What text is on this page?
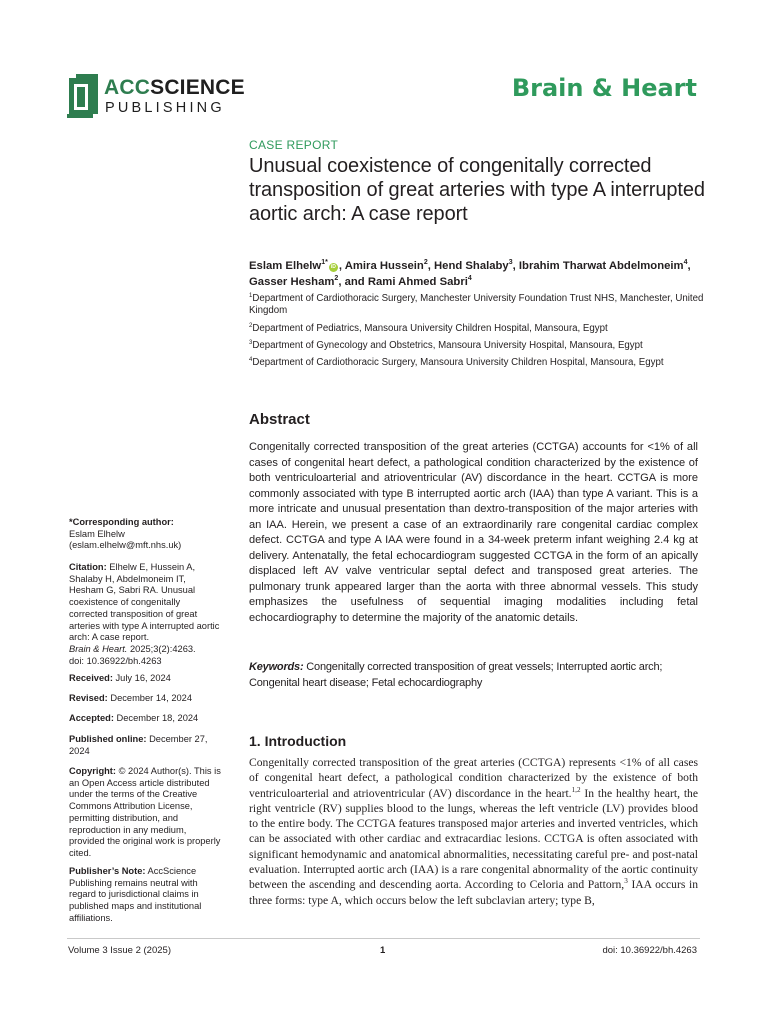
ACCSCIENCE
PUBLISHING
Brain & Heart
CASE REPORT
Unusual coexistence of congenitally corrected transposition of great arteries with type A interrupted aortic arch: A case report
Eslam Elhelw$^{1*}$iD , Amira Hussein$^2$, Hend Shalaby$^3$, Ibrahim Tharwat Abdelmoneim$^4$, Gasser Hesham$^2$, and Rami Ahmed Sabri$^4$

$^1$Department of Cardiothoracic Surgery, Manchester University Foundation Trust NHS, Manchester, United Kingdom

$^2$Department of Pediatrics, Mansoura University Children Hospital, Mansoura, Egypt

$^3$Department of Gynecology and Obstetrics, Mansoura University Hospital, Mansoura, Egypt

$^4$Department of Cardiothoracic Surgery, Mansoura University Children Hospital, Mansoura, Egypt

Abstract
Congenitally corrected transposition of the great arteries (CCTGA) accounts for <1% of all cases of congenital heart defect, a pathological condition characterized by the existence of both ventriculoarterial and atrioventricular (AV) discordance in the heart. CCTGA is more commonly associated with type B interrupted aortic arch (IAA) than type A variant. This is a more intricate and unusual presentation than dextro-transposition of the major arteries with an IAA. Herein, we present a case of an extraordinarily rare congenital cardiac complex defect. CCTGA and type A IAA were found in a 34-week preterm infant weighing 2.4 kg at delivery. Antenatally, the fetal echocardiogram suggested CCTGA in the form of an apically displaced left AV valve ventricular septal defect and transposed great arteries. The pulmonary trunk appeared larger than the aorta with three abnormal vessels. This study emphasizes the usefulness of sequential imaging modalities including fetal echocardiography to determine the majority of the anatomic details.
Keywords: Congenitally corrected transposition of great vessels; Interrupted aortic arch; Congenital heart disease; Fetal echocardiography
1. Introduction
Congenitally corrected transposition of the great arteries (CCTGA) represents <1% of all cases of congenital heart defect, a pathological condition characterized by the existence of both ventriculoarterial and atrioventricular (AV) discordance in the heart.$^{1,2}$ In the healthy heart, the right ventricle (RV) supplies blood to the lungs, whereas the left ventricle (LV) provides blood to the entire body. The CCTGA features transposed major arteries and inverted ventricles, which can be associated with other cardiac and extracardiac lesions. CCTGA is often associated with significant hemodynamic and anatomical abnormalities, necessitating careful pre- and post-natal evaluation. Interrupted aortic arch (IAA) is a rare congenital abnormality of the aortic continuity between the ascending and descending aorta. According to Celoria and Pattorn,$^3$ IAA occurs in three forms: type A, which occurs below the left subclavian artery; type B,
*Corresponding author:
Eslam Elhelw
(eslam.elhelw@mft.nhs.uk)
Citation: Elhelw E, Hussein A, Shalaby H, Abdelmoneim IT, Hesham G, Sabri RA. Unusual coexistence of congenitally corrected transposition of great arteries with type A interrupted aortic arch: A case report.
Brain & Heart. 2025;3(2):4263.
doi: 10.36922/bh.4263
Received: July 16, 2024
Revised: December 14, 2024
Accepted: December 18, 2024
Published online: December 27, 2024
Copyright: © 2024 Author(s). This is an Open Access article distributed under the terms of the Creative Commons Attribution License, permitting distribution, and reproduction in any medium, provided the original work is properly cited.
Publisher’s Note: AccScience Publishing remains neutral with regard to jurisdictional claims in published maps and institutional affiliations.
Volume 3 Issue 2 (2025)	1	doi: 10.36922/bh.4263
